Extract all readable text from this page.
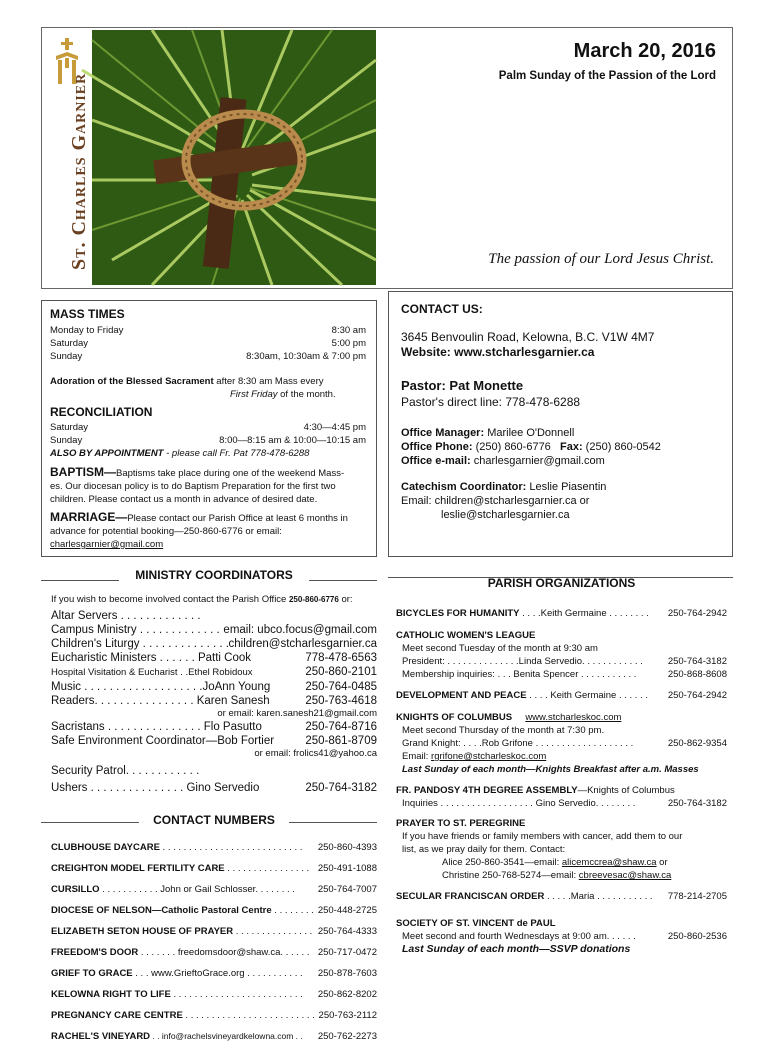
St. Charles Garnier
March 20, 2016
Palm Sunday of the Passion of the Lord
The passion of our Lord Jesus Christ.
MASS TIMES
Monday to Friday	8:30 am
Saturday	5:00 pm
Sunday	8:30am, 10:30am & 7:00 pm
Adoration of the Blessed Sacrament after 8:30 am Mass every
First Friday of the month.
RECONCILIATION
Saturday	4:30—4:45 pm
Sunday	8:00—8:15 am & 10:00—10:15 am
ALSO BY APPOINTMENT - please call Fr. Pat 778-478-6288
BAPTISM—Baptisms take place during one of the weekend Mass-
es. Our diocesan policy is to do Baptism Preparation for the first two
children. Please contact us a month in advance of desired date.
MARRIAGE—Please contact our Parish Office at least 6 months in
advance for potential booking—250-860-6776 or email:
charlesgarnier@gmail.com
CONTACT US:
3645 Benvoulin Road, Kelowna, B.C. V1W 4M7
Website: www.stcharlesgarnier.ca
Pastor: Pat Monette
Pastor's direct line: 778-478-6288
Office Manager: Marilee O'Donnell
Office Phone: (250) 860-6776 Fax: (250) 860-0542
Office e-mail: charlesgarnier@gmail.com
Catechism Coordinator: Leslie Piasentin
Email: children@stcharlesgarnier.ca or
leslie@stcharlesgarnier.ca
MINISTRY COORDINATORS
If you wish to become involved contact the Parish Office 250-860-6776 or:
Altar Servers . . . . . . . . . . . . .
Campus Ministry . . . . . . . . . . . . . email: ubco.focus@gmail.com
Children's Liturgy . . . . . . . . . . . . . . children@stcharlesgarnier.ca
Eucharistic Ministers . . . . . . Patti Cook	778-478-6563
Hospital Visitation & Eucharist . .Ethel Robidoux	250-860-2101
Music . . . . . . . . . . . . . . . . . . .JoAnn Young	250-764-0485
Readers. . . . . . . . . . . . . . . . Karen Sanesh	250-763-4618
or email: karen.sanesh21@gmail.com
Sacristans . . . . . . . . . . . . . . . Flo Pasutto	250-764-8716
Safe Environment Coordinator—Bob Fortier	250-861-8709
or email: frolics41@yahoo.ca
Security Patrol. . . . . . . . . . . .
Ushers . . . . . . . . . . . . . . . Gino Servedio	250-764-3182
CONTACT NUMBERS
CLUBHOUSE DAYCARE . . . . . . . . . . . . . . . . . . . . . . . . . . . 250-860-4393
CREIGHTON MODEL FERTILITY CARE . . . . . . . . . . . . . . . . 250-491-1088
CURSILLO . . . . . . . . . . . John or Gail Schlosser. . . . . . . . 250-764-7007
DIOCESE OF NELSON—Catholic Pastoral Centre . . . . . . . . 250-448-2725
ELIZABETH SETON HOUSE OF PRAYER . . . . . . . . . . . . . . . 250-764-4333
FREEDOM'S DOOR . . . . . . . freedomsdoor@shaw.ca. . . . . . 250-717-0472
GRIEF TO GRACE . . . www.GrieftoGrace.org . . . . . . . . . . . 250-878-7603
KELOWNA RIGHT TO LIFE . . . . . . . . . . . . . . . . . . . . . . . . . 250-862-8202
PREGNANCY CARE CENTRE . . . . . . . . . . . . . . . . . . . . . . . . . 250-763-2112
RACHEL'S VINEYARD . . info@rachelsvineyardkelowna.com . . 250-762-2273
PARISH ORGANIZATIONS
BICYCLES FOR HUMANITY . . . .Keith Germaine . . . . . . . . 250-764-2942
CATHOLIC WOMEN'S LEAGUE
Meet second Tuesday of the month at 9:30 am
President: . . . . . . . . . . . . . .Linda Servedio. . . . . . . . . . . .	250-764-3182
Membership inquiries: . . . Benita Spencer . . . . . . . . . . .	250-868-8608
DEVELOPMENT AND PEACE . . . . Keith Germaine . . . . . . 250-764-2942
KNIGHTS OF COLUMBUS www.stcharleskoc.com
Meet second Thursday of the month at 7:30 pm.
Grand Knight: . . . .Rob Grifone . . . . . . . . . . . . . . . . . . .	250-862-9354
Email: rgrifone@stcharleskoc.com
Last Sunday of each month—Knights Breakfast after a.m. Masses
FR. PANDOSY 4TH DEGREE ASSEMBLY—Knights of Columbus
Inquiries . . . . . . . . . . . . . . . . . . Gino Servedio. . . . . . . .	250-764-3182
PRAYER TO ST. PEREGRINE
If you have friends or family members with cancer, add them to our
list, as we pray daily for them. Contact:
Alice 250-860-3541—email: alicemccrea@shaw.ca or
Christine 250-768-5274—email: cbreevesac@shaw.ca
SECULAR FRANCISCAN ORDER . . . . .Maria . . . . . . . . . . . 778-214-2705
SOCIETY OF ST. VINCENT de PAUL
Meet second and fourth Wednesdays at 9:00 am. . . . . .	250-860-2536
Last Sunday of each month—SSVP donations
